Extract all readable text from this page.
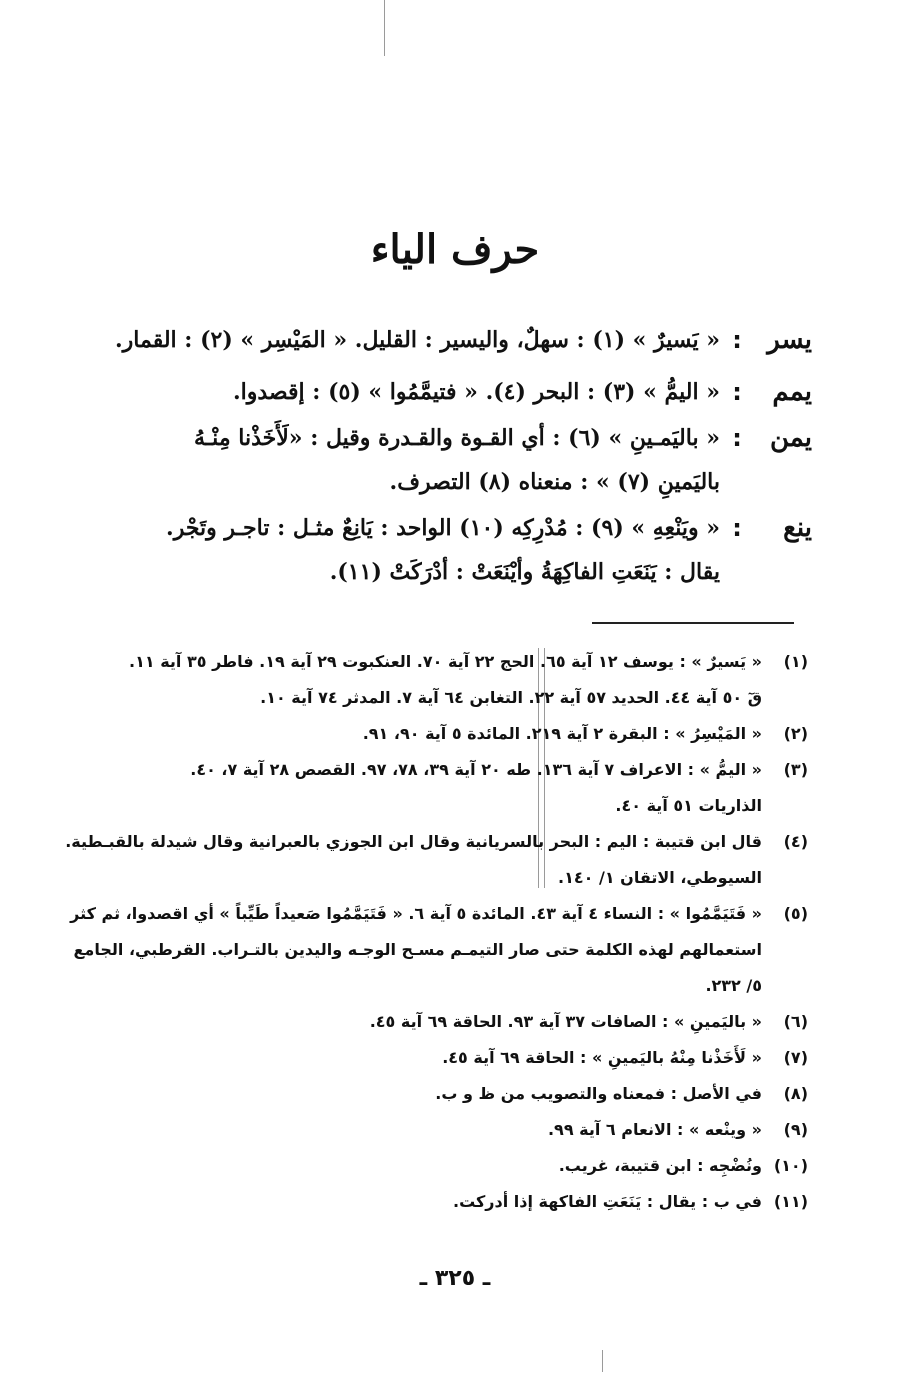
حرف الياء
يسر
:
« يَسيرٌ » (١) : سهلٌ، واليسير : القليل. « المَيْسِر » (٢) : القمار.
يمم
:
« اليمُّ » (٣) : البحر (٤). « فتيمَّمُوا » (٥) : إقصدوا.
يمن
:
« باليَمـينِ » (٦) : أي القـوة والقـدرة وقيل : «لَأَخَذْنا مِنْـهُ
باليَمينِ (٧) » : منعناه (٨) التصرف.
ينع
:
« ويَنْعِهِ » (٩) : مُدْرِكِه (١٠) الواحد : يَانِعٌ مثـل : تاجـر وتَجْر.
يقال : يَنَعَتِ الفاكِهَةُ وأيْنَعَتْ : أدْرَكَتْ (١١).
(١)
« يَسيرٌ » : يوسف ١٢ آية ٦٥. الحج ٢٢ آية ٧٠. العنكبوت ٢٩ آية ١٩. فاطر ٣٥ آية ١١.
قٓ ٥٠ آية ٤٤. الحديد ٥٧ آية ٢٢. التغابن ٦٤ آية ٧. المدثر ٧٤ آية ١٠.
(٢)
« المَيْسِرُ » : البقرة ٢ آية ٢١٩. المائدة ٥ آية ٩٠، ٩١.
(٣)
« اليمُّ » : الاعراف ٧ آية ١٣٦. طه ٢٠ آية ٣٩، ٧٨، ٩٧. القصص ٢٨ آية ٧، ٤٠.
الذاريات ٥١ آية ٤٠.
(٤)
قال ابن قتيبة : اليم : البحر بالسريانية وقال ابن الجوزي بالعبرانية وقال شيدلة بالقبـطية.
السيوطي، الاتقان ١/ ١٤٠.
(٥)
« فَتَيَمَّمُوا » : النساء ٤ آية ٤٣. المائدة ٥ آية ٦. « فَتَيَمَّمُوا صَعيداً طَيِّباً » أي اقصدوا، ثم كثر
استعمالهم لهذه الكلمة حتى صار التيمـم مسـح الوجـه واليدين بالتـراب. القرطبي، الجامع
٥/ ٢٣٢.
(٦)
« باليَمينِ » : الصافات ٣٧ آية ٩٣. الحاقة ٦٩ آية ٤٥.
(٧)
« لَأَخَذْنا مِنْهُ باليَمينِ » : الحاقة ٦٩ آية ٤٥.
(٨)
في الأصل : فمعناه والتصويب من ظ و ب.
(٩)
« وينْعه » : الانعام ٦ آية ٩٩.
(١٠)
ونُضْجِه : ابن قتيبة، غريب.
(١١)
في ب : يقال : يَنَعَتِ الفاكهة إذا أدركت.
ـ ٣٢٥ ـ
